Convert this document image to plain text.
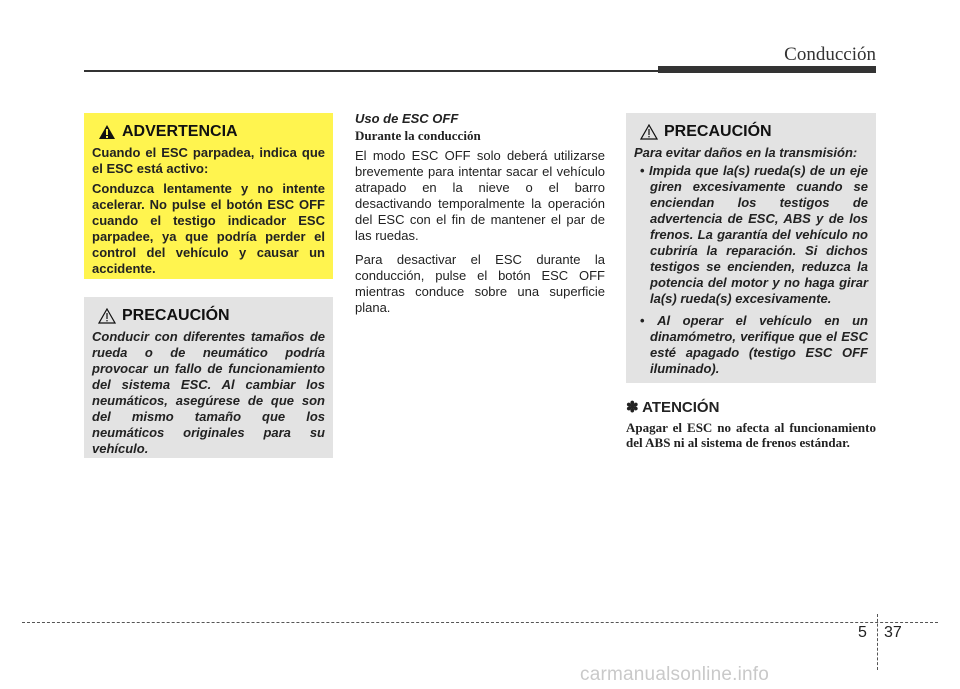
Conducción
ADVERTENCIA

Cuando el ESC parpadea, indica que el ESC está activo:

Conduzca lentamente y no intente acelerar. No pulse el botón ESC OFF cuando el testigo indicador ESC parpadee, ya que podría perder el control del vehículo y causar un accidente.

PRECAUCIÓN

Conducir con diferentes tamaños de rueda o de neumático podría provocar un fallo de funcionamiento del sistema ESC. Al cambiar los neumáticos, asegúrese de que son del mismo tamaño que los neumáticos originales para su vehículo.

Uso de ESC OFF
Durante la conducción

El modo ESC OFF solo deberá utilizarse brevemente para intentar sacar el vehículo atrapado en la nieve o el barro desactivando temporalmente la operación del ESC con el fin de mantener el par de las ruedas.

Para desactivar el ESC durante la conducción, pulse el botón ESC OFF mientras conduce sobre una superficie plana.

PRECAUCIÓN

Para evitar daños en la transmisión:

• Impida que la(s) rueda(s) de un eje giren excesivamente cuando se enciendan los testigos de advertencia de ESC, ABS y de los frenos. La garantía del vehículo no cubriría la reparación. Si dichos testigos se encienden, reduzca la potencia del motor y no haga girar la(s) rueda(s) excesivamente.
• Al operar el vehículo en un dinamómetro, verifique que el ESC esté apagado (testigo ESC OFF iluminado).
✽ ATENCIÓN

Apagar el ESC no afecta al funcionamiento del ABS ni al sistema de frenos estándar.

5 37
carmanualsonline.info
